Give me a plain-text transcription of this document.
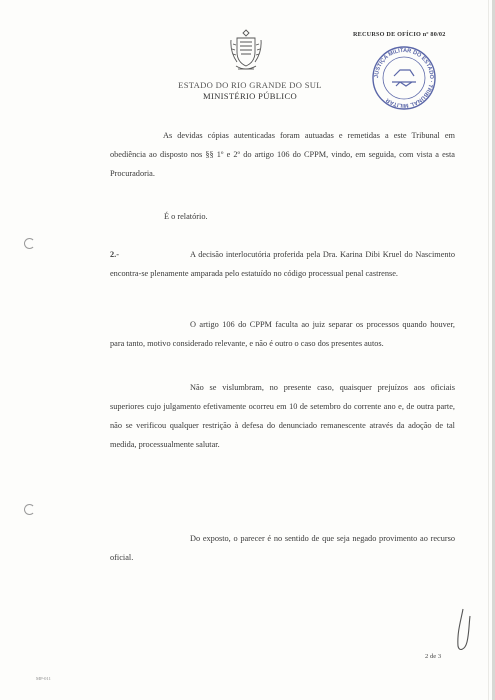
ESTADO DO RIO GRANDE DO SUL
MINISTÉRIO PÚBLICO
RECURSO DE OFÍCIO nº 80/02
JUSTIÇA MILITAR DO ESTADO · TRIBUNAL MILITAR
As devidas cópias autenticadas foram autuadas e remetidas a este Tribunal em obediência ao disposto nos §§ 1º e 2º do artigo 106 do CPPM, vindo, em seguida, com vista a esta Procuradoria.
É o relatório.
2.-	A decisão interlocutória proferida pela Dra. Karina Dibi Kruel do Nascimento encontra-se plenamente amparada pelo estatuído no código processual penal castrense.
O artigo 106 do CPPM faculta ao juiz separar os processos quando houver, para tanto, motivo considerado relevante, e não é outro o caso dos presentes autos.
Não se vislumbram, no presente caso, quaisquer prejuízos aos oficiais superiores cujo julgamento efetivamente ocorreu em 10 de setembro do corrente ano e, de outra parte, não se verificou qualquer restrição à defesa do denunciado remanescente através da adoção de tal medida, processualmente salutar.
Do exposto, o parecer é no sentido de que seja negado provimento ao recurso oficial.
2 de 3
MP-011
